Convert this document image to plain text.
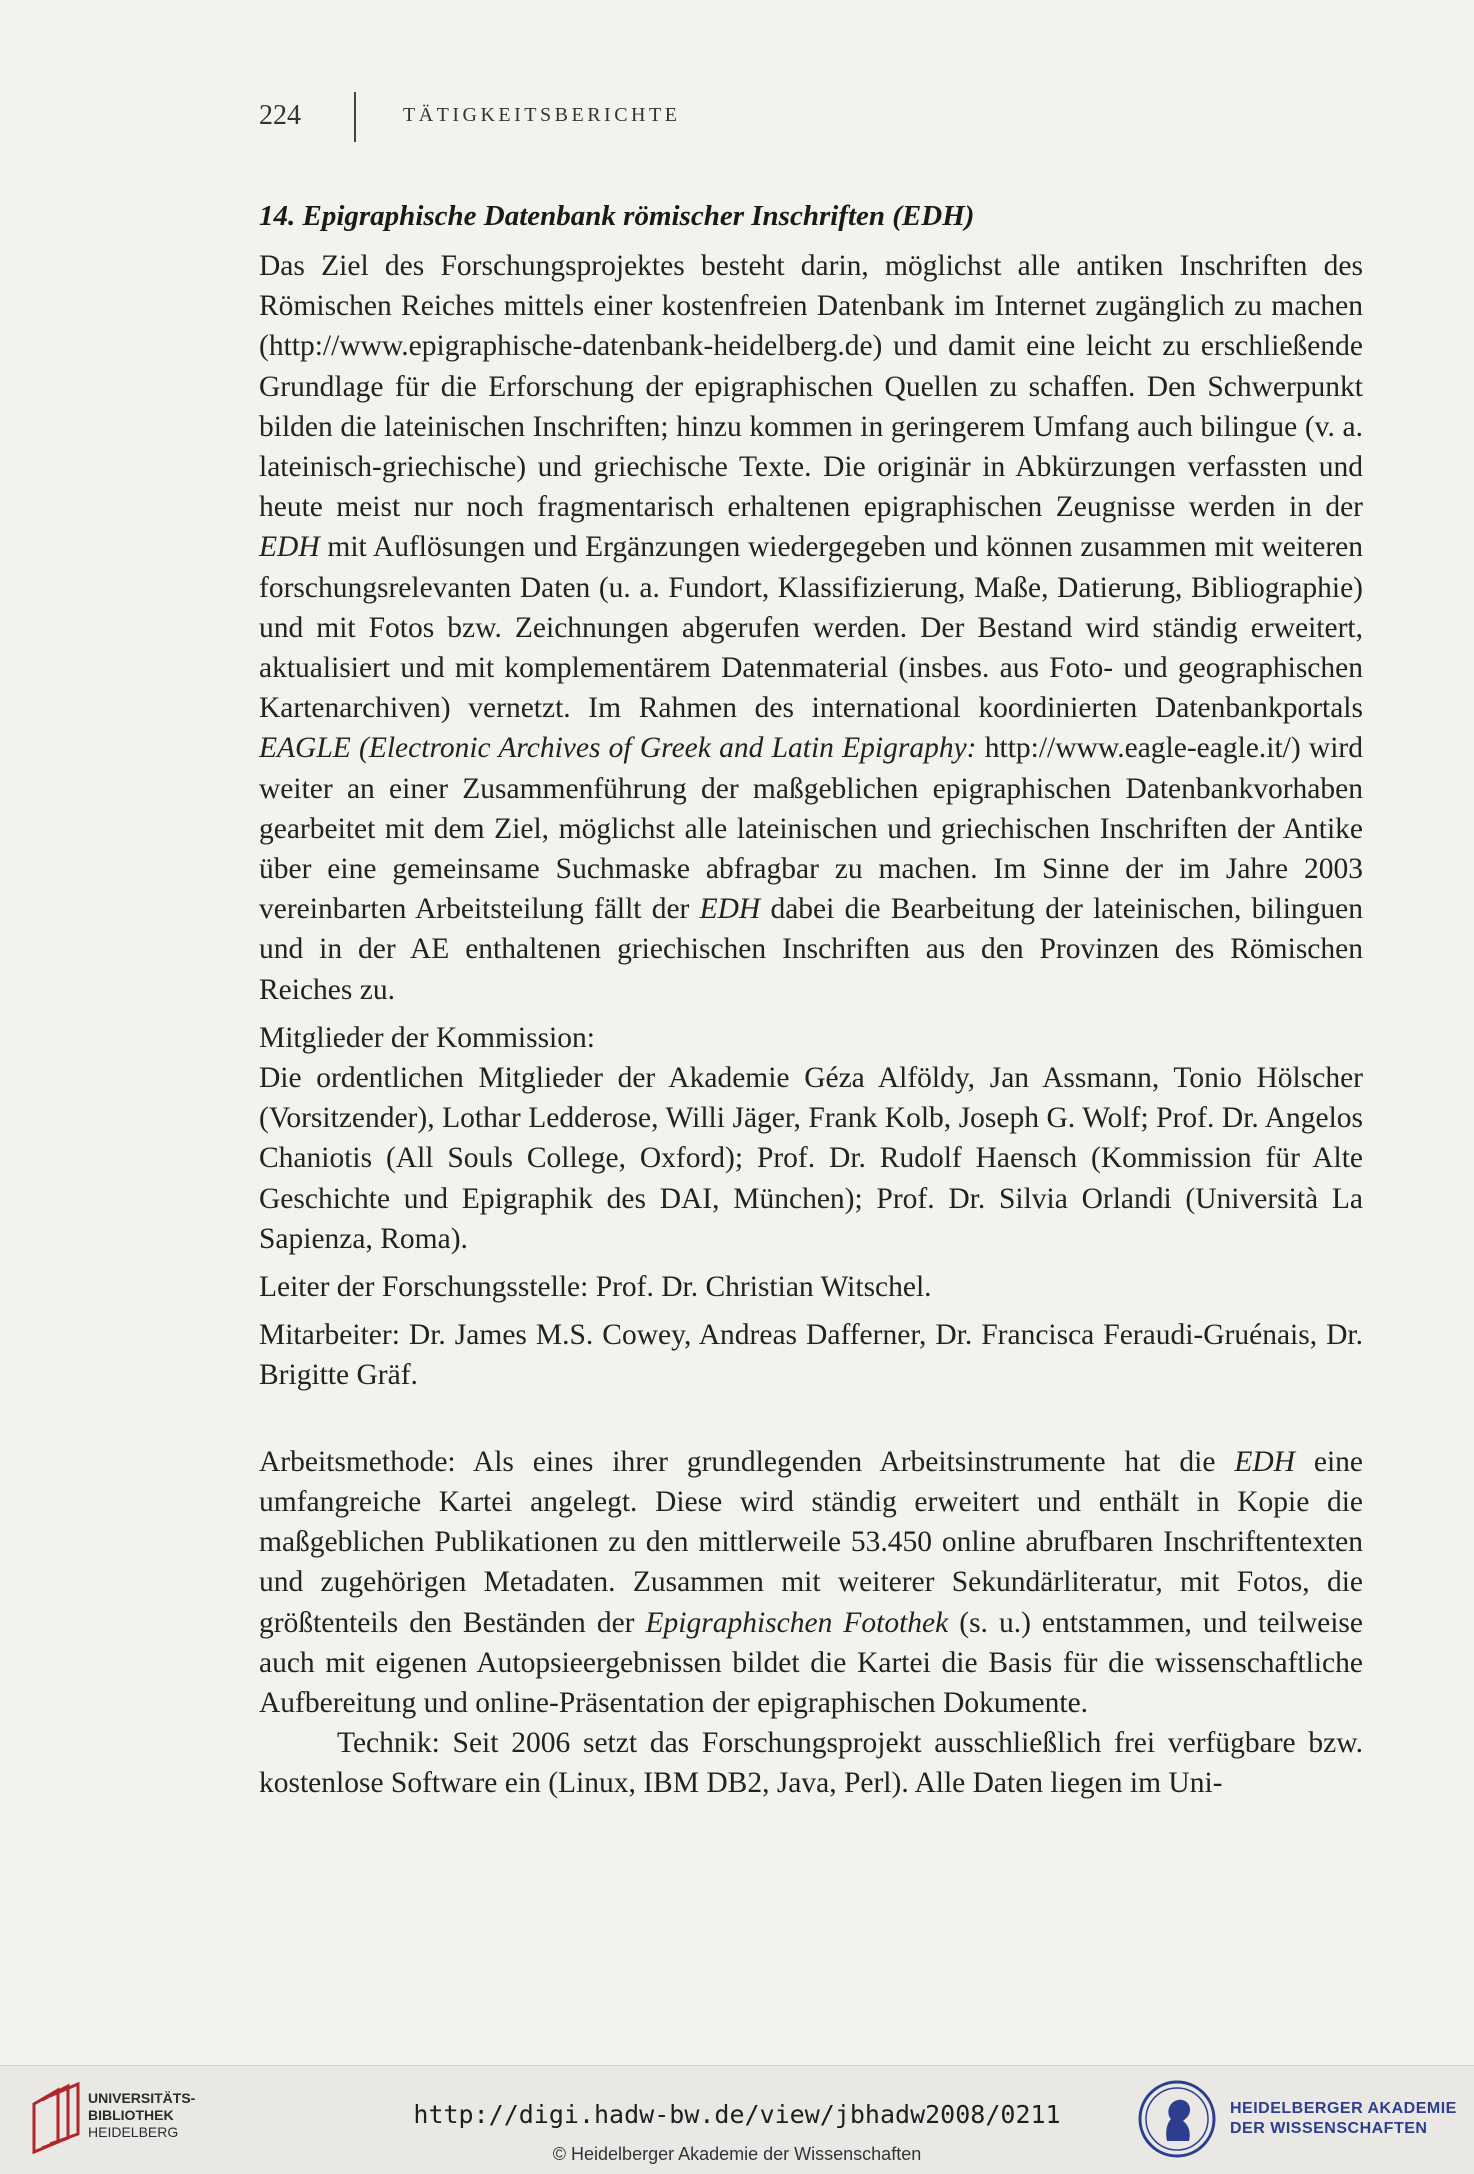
224	TÄTIGKEITSBERICHTE
14. Epigraphische Datenbank römischer Inschriften (EDH)

Das Ziel des Forschungsprojektes besteht darin, möglichst alle antiken Inschriften des Römischen Reiches mittels einer kostenfreien Datenbank im Internet zugänglich zu machen (http://www.epigraphische-datenbank-heidelberg.de) und damit eine leicht zu erschließende Grundlage für die Erforschung der epigraphischen Quellen zu schaffen. Den Schwerpunkt bilden die lateinischen Inschriften; hinzu kommen in geringerem Umfang auch bilingue (v. a. lateinisch-griechische) und griechische Texte. Die originär in Abkürzungen verfassten und heute meist nur noch fragmentarisch erhaltenen epigraphischen Zeugnisse werden in der EDH mit Auflösungen und Ergänzungen wiedergegeben und können zusammen mit weiteren forschungsrelevanten Daten (u. a. Fundort, Klassifizierung, Maße, Datierung, Bibliographie) und mit Fotos bzw. Zeichnungen abgerufen werden. Der Bestand wird ständig erweitert, aktualisiert und mit komplementärem Datenmaterial (insbes. aus Foto- und geographischen Kartenarchiven) vernetzt. Im Rahmen des international koordinierten Datenbankportals EAGLE (Electronic Archives of Greek and Latin Epigraphy: http://www.eagle-eagle.it/) wird weiter an einer Zusammenführung der maßgeblichen epigraphischen Datenbankvorhaben gearbeitet mit dem Ziel, möglichst alle lateinischen und griechischen Inschriften der Antike über eine gemeinsame Suchmaske abfragbar zu machen. Im Sinne der im Jahre 2003 vereinbarten Arbeitsteilung fällt der EDH dabei die Bearbeitung der lateinischen, bilinguen und in der AE enthaltenen griechischen Inschriften aus den Provinzen des Römischen Reiches zu.

Mitglieder der Kommission:

Die ordentlichen Mitglieder der Akademie Géza Alföldy, Jan Assmann, Tonio Hölscher (Vorsitzender), Lothar Ledderose, Willi Jäger, Frank Kolb, Joseph G. Wolf; Prof. Dr. Angelos Chaniotis (All Souls College, Oxford); Prof. Dr. Rudolf Haensch (Kommission für Alte Geschichte und Epigraphik des DAI, München); Prof. Dr. Silvia Orlandi (Università La Sapienza, Roma).

Leiter der Forschungsstelle: Prof. Dr. Christian Witschel.

Mitarbeiter: Dr. James M.S. Cowey, Andreas Dafferner, Dr. Francisca Feraudi-Gruénais, Dr. Brigitte Gräf.

Arbeitsmethode: Als eines ihrer grundlegenden Arbeitsinstrumente hat die EDH eine umfangreiche Kartei angelegt. Diese wird ständig erweitert und enthält in Kopie die maßgeblichen Publikationen zu den mittlerweile 53.450 online abrufbaren Inschriftentexten und zugehörigen Metadaten. Zusammen mit weiterer Sekundärliteratur, mit Fotos, die größtenteils den Beständen der Epigraphischen Fotothek (s. u.) entstammen, und teilweise auch mit eigenen Autopsieergebnissen bildet die Kartei die Basis für die wissenschaftliche Aufbereitung und online-Präsentation der epigraphischen Dokumente.

Technik: Seit 2006 setzt das Forschungsprojekt ausschließlich frei verfügbare bzw. kostenlose Software ein (Linux, IBM DB2, Java, Perl). Alle Daten liegen im Uni-

UNIVERSITÄTS-
BIBLIOTHEK
HEIDELBERG
http://digi.hadw-bw.de/view/jbhadw2008/0211
© Heidelberger Akademie der Wissenschaften
HEIDELBERGER AKADEMIE
DER WISSENSCHAFTEN
